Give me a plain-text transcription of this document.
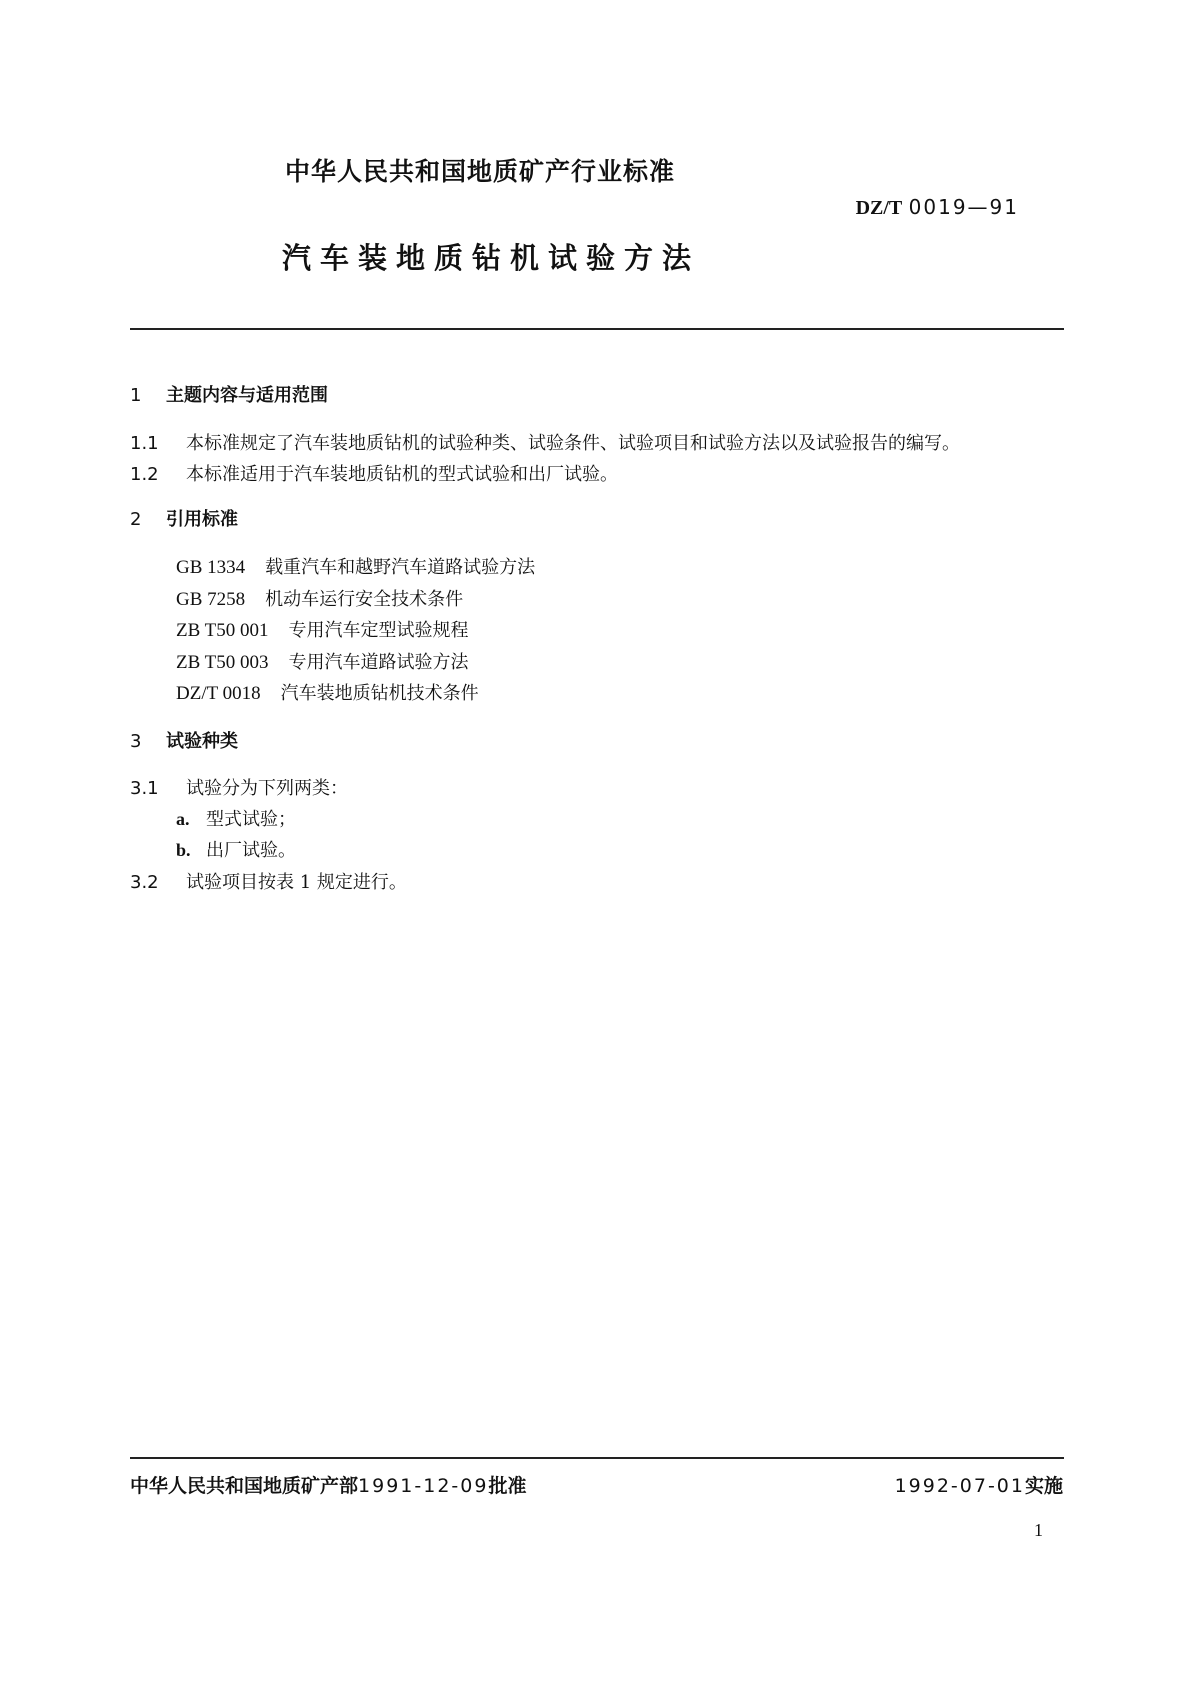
中华人民共和国地质矿产行业标准
DZ/T 0019—91
汽车装地质钻机试验方法
1 主题内容与适用范围
1.1 本标准规定了汽车装地质钻机的试验种类、试验条件、试验项目和试验方法以及试验报告的编写。
1.2 本标准适用于汽车装地质钻机的型式试验和出厂试验。
2 引用标准
GB 1334 载重汽车和越野汽车道路试验方法
GB 7258 机动车运行安全技术条件
ZB T50 001 专用汽车定型试验规程
ZB T50 003 专用汽车道路试验方法
DZ/T 0018 汽车装地质钻机技术条件
3 试验种类
3.1 试验分为下列两类：
a. 型式试验；
b. 出厂试验。
3.2 试验项目按表 1 规定进行。
中华人民共和国地质矿产部1991-12-09批准	1992-07-01实施
1
